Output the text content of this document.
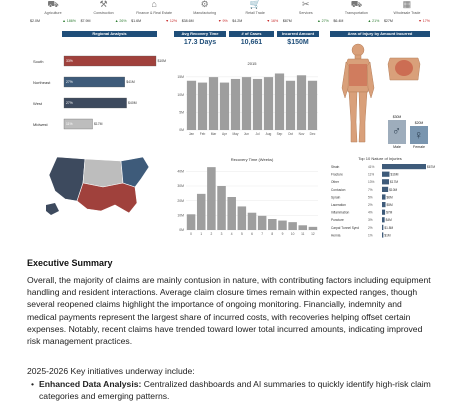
⛟
Agriculture
$2.0M	▲ 186%
⚒
Construction
$7.9M	▲ 26%
⌂
Finance & Real Estate
$1.6M	▼ 12%
⚙
Manufacturing
$38.6M	▼ 9%
🛒
Retail Trade
$4.2M	▼ 16%
✂
Services
$87M	▲ 27%
⛟
Transportation
$6.4M	▲ 21%
▦
Wholesale Trade
$27M	▼ 17%
Regional Analysis	Avg Recovery Time	# of Cases	Incurred Amount	Area of Injury by Amount Incurred
17.3 Days	10,661	$150M
South	33%	$10M
Northeast	27%	$41M
West	27%	$40M
Midwest	11%	$17M
2015
0M
5M
10M
15M
Jan Feb Mar Apr May Jun Jul Aug Sep Oct Nov Dec
Recovery Time (Weeks)
0M
10M
20M
30M
40M
0	1	2	3	4	5	6	7	8	9 10 11 12
♂
Male
$30M
♀
Female
$20M
Top 10 Nature of Injuries
Strain	41%	$67M
Fracture	11%	$16M
Other	13%	$17M
Contusion	7%	$10M
Sprain	5%	$6M
Laceration	2%	$5M
Inflammation	4%	$7M
Puncture	3%	$4M
Carpal Tunnel Synd	2%	$1.8M
Hernia	1%	$1M
Executive Summary

Overall, the majority of claims are mainly contusion in nature, with contributing factors including equipment handling and resident interactions. Average claim closure times remain within expected ranges, though several reopened claims highlight the importance of ongoing monitoring. Financially, indemnity and medical payments represent the largest share of incurred costs, with recoveries helping offset certain expenses. Notably, recent claims have trended toward lower total incurred amounts, indicating improved risk management practices.

2025-2026 Key initiatives underway include:
• Enhanced Data Analysis: Centralized dashboards and AI summaries to quickly identify high-risk claim categories and emerging patterns.
